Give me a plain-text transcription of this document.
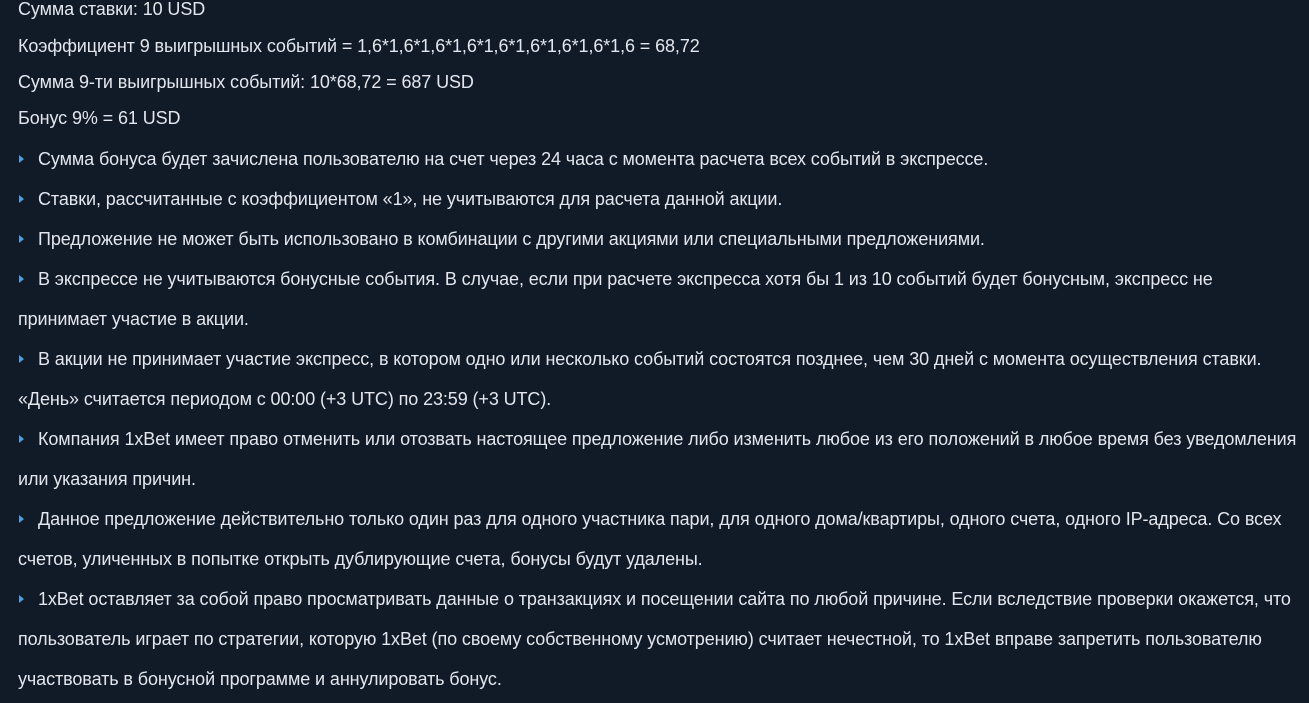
Сумма ставки: 10 USD
Коэффициент 9 выигрышных событий = 1,6*1,6*1,6*1,6*1,6*1,6*1,6*1,6*1,6 = 68,72
Сумма 9-ти выигрышных событий: 10*68,72 = 687 USD
Бонус 9% = 61 USD
Сумма бонуса будет зачислена пользователю на счет через 24 часа с момента расчета всех событий в экспрессе.
Ставки, рассчитанные с коэффициентом «1», не учитываются для расчета данной акции.
Предложение не может быть использовано в комбинации с другими акциями или специальными предложениями.
В экспрессе не учитываются бонусные события. В случае, если при расчете экспресса хотя бы 1 из 10 событий будет бонусным, экспресс не принимает участие в акции.
В акции не принимает участие экспресс, в котором одно или несколько событий состоятся позднее, чем 30 дней с момента осуществления ставки. «День» считается периодом с 00:00 (+3 UTC) по 23:59 (+3 UTC).
Компания 1xBet имеет право отменить или отозвать настоящее предложение либо изменить любое из его положений в любое время без уведомления или указания причин.
Данное предложение действительно только один раз для одного участника пари, для одного дома/квартиры, одного счета, одного IP-адреса. Со всех счетов, уличенных в попытке открыть дублирующие счета, бонусы будут удалены.
1xBet оставляет за собой право просматривать данные о транзакциях и посещении сайта по любой причине. Если вследствие проверки окажется, что пользователь играет по стратегии, которую 1xBet (по своему собственному усмотрению) считает нечестной, то 1xBet вправе запретить пользователю участвовать в бонусной программе и аннулировать бонус.
